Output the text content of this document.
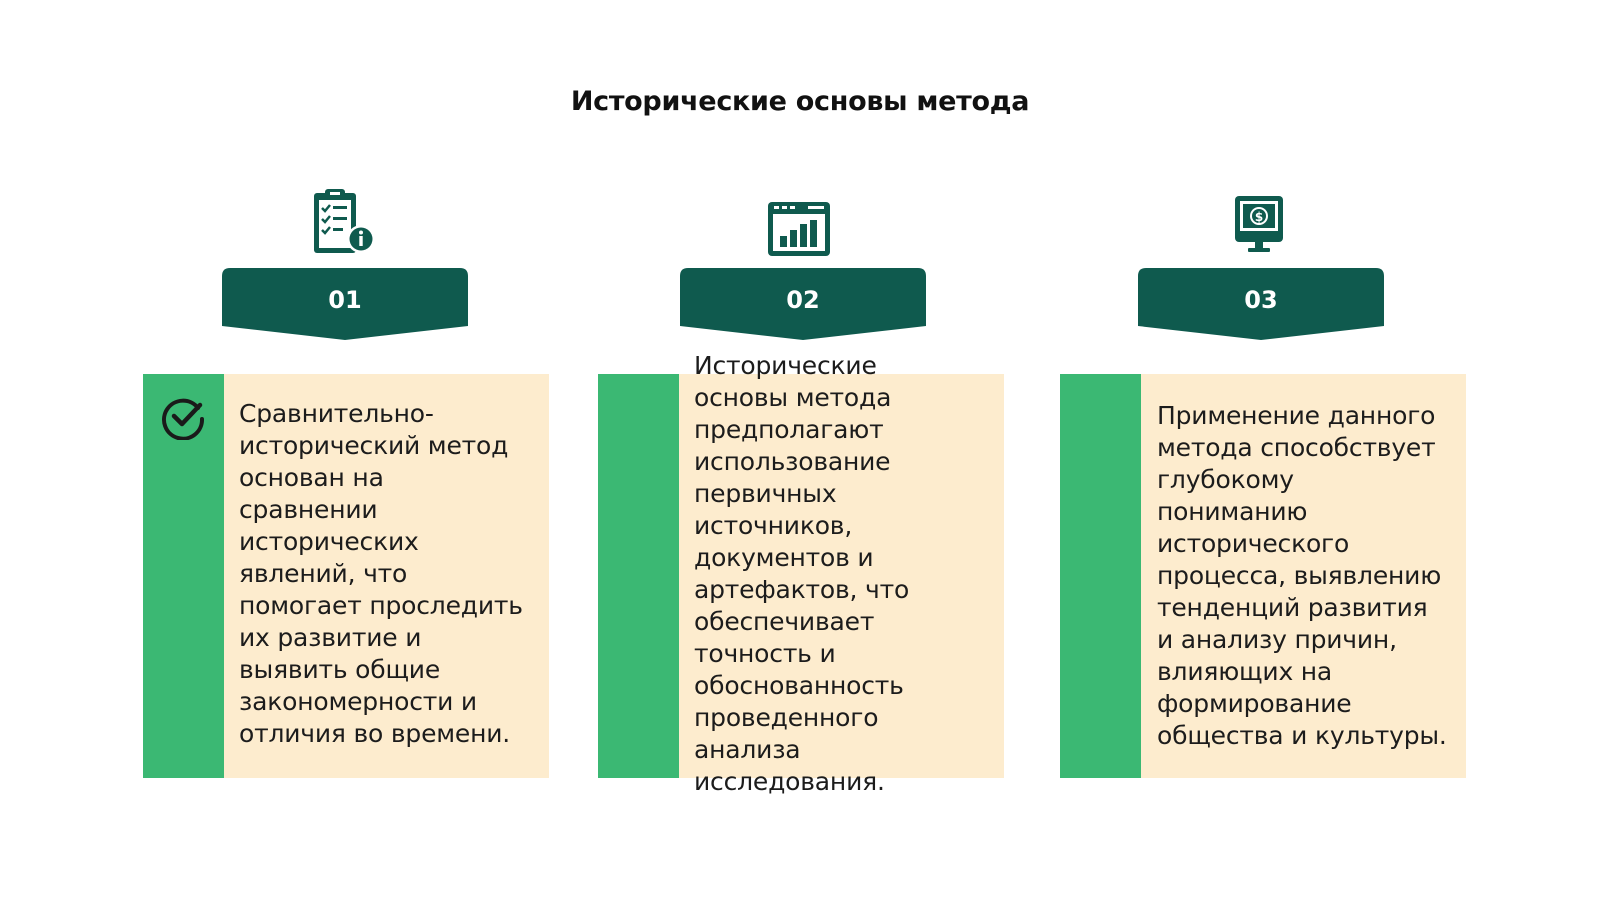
Исторические основы метода
$
01	02	03

Сравнительно-
исторический метод
основан на
сравнении
исторических
явлений, что
помогает проследить
их развитие и
выявить общие
закономерности и
отличия во времени.

Исторические
основы метода
предполагают
использование
первичных
источников,
документов и
артефактов, что
обеспечивает
точность и
обоснованность
проведенного
анализа
исследования.

Применение данного
метода способствует
глубокому
пониманию
исторического
процесса, выявлению
тенденций развития
и анализу причин,
влияющих на
формирование
общества и культуры.
